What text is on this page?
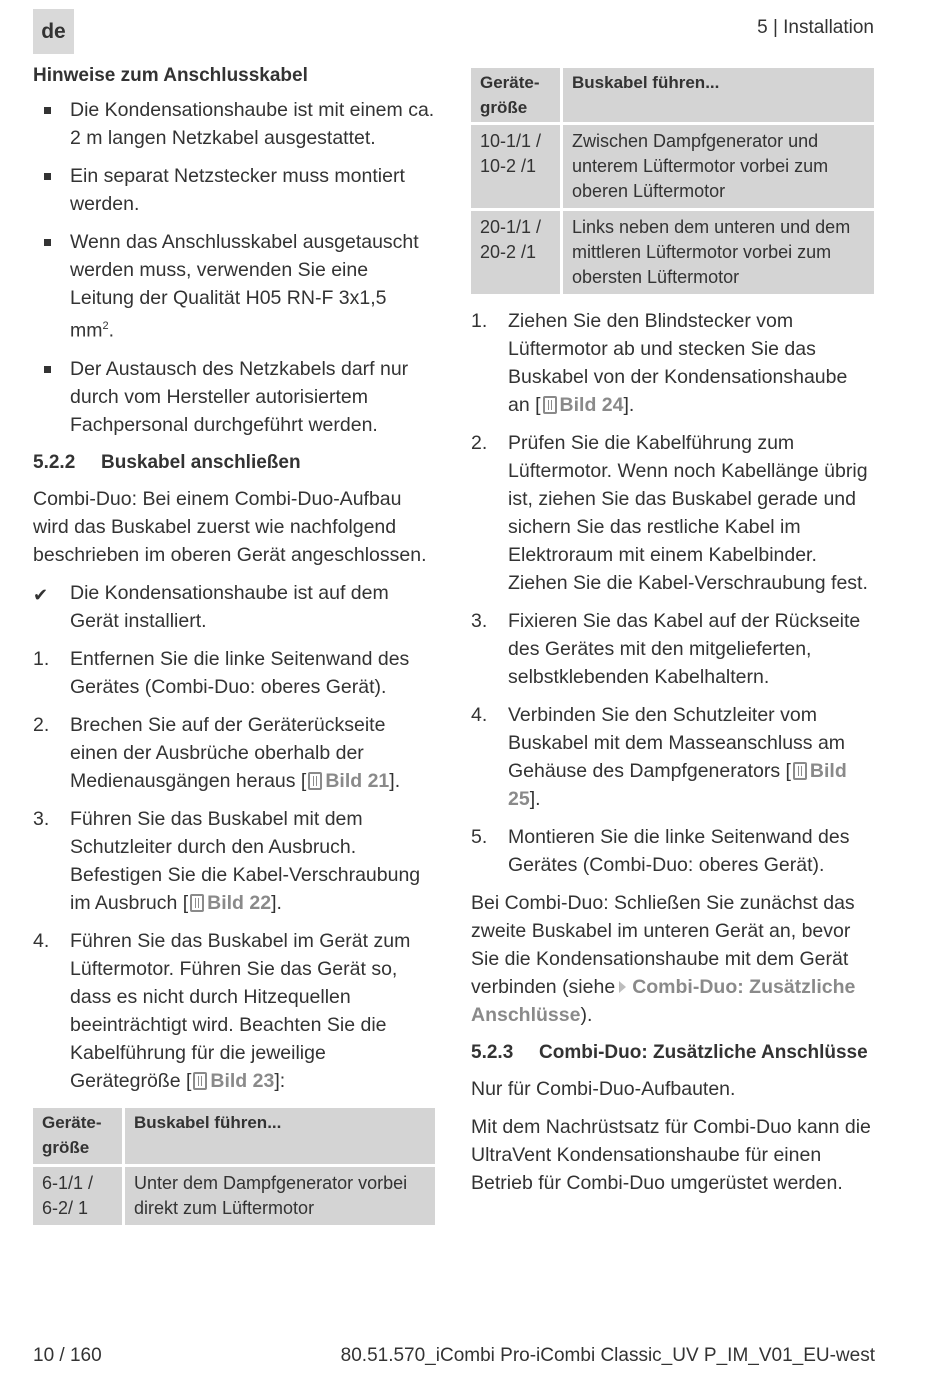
de	5 | Installation

Hinweise zum Anschlusskabel

Die Kondensationshaube ist mit einem ca. 2 m langen Netzkabel ausgestattet.
Ein separat Netzstecker muss montiert werden.
Wenn das Anschlusskabel ausgetauscht werden muss, verwenden Sie eine Leitung der Qualität H05 RN-F 3x1,5 $mm^2$.
Der Austausch des Netzkabels darf nur durch vom Hersteller autorisiertem Fachpersonal durchgeführt werden.
5.2.2	Buskabel anschließen

Combi-Duo: Bei einem Combi-Duo-Aufbau wird das Buskabel zuerst wie nachfolgend beschrieben im oberen Gerät angeschlossen.

✔ Die Kondensationshaube ist auf dem Gerät installiert.
1. Entfernen Sie die linke Seitenwand des Gerätes (Combi-Duo: oberes Gerät).
2. Brechen Sie auf der Geräterückseite einen der Ausbrüche oberhalb der Medienausgängen heraus [ Bild 21].
3. Führen Sie das Buskabel mit dem Schutzleiter durch den Ausbruch. Befestigen Sie die Kabel-Verschraubung im Ausbruch [ Bild 22].
4. Führen Sie das Buskabel im Gerät zum Lüftermotor. Führen Sie das Gerät so, dass es nicht durch Hitzequellen beeinträchtigt wird. Beachten Sie die Kabelführung für die jeweilige Gerätegröße [ Bild 23]:
Geräte-größe	Buskabel führen...
6-1/1 / 6-2/ 1	Unter dem Dampfgenerator vorbei direkt zum Lüftermotor
Geräte-größe	Buskabel führen...
10-1/1 / 10-2 /1	Zwischen Dampfgenerator und unterem Lüftermotor vorbei zum oberen Lüftermotor
20-1/1 / 20-2 /1	Links neben dem unteren und dem mittleren Lüftermotor vorbei zum obersten Lüftermotor
1. Ziehen Sie den Blindstecker vom Lüftermotor ab und stecken Sie das Buskabel von der Kondensationshaube an [ Bild 24].
2. Prüfen Sie die Kabelführung zum Lüftermotor. Wenn noch Kabellänge übrig ist, ziehen Sie das Buskabel gerade und sichern Sie das restliche Kabel im Elektroraum mit einem Kabelbinder. Ziehen Sie die Kabel-Verschraubung fest.
3. Fixieren Sie das Kabel auf der Rückseite des Gerätes mit den mitgelieferten, selbstklebenden Kabelhaltern.
4. Verbinden Sie den Schutzleiter vom Buskabel mit dem Masseanschluss am Gehäuse des Dampfgenerators [ Bild 25].
5. Montieren Sie die linke Seitenwand des Gerätes (Combi-Duo: oberes Gerät).

Bei Combi-Duo: Schließen Sie zunächst das zweite Buskabel im unteren Gerät an, bevor Sie die Kondensationshaube mit dem Gerät verbinden (siehe Combi-Duo: Zusätzliche Anschlüsse).

5.2.3	Combi-Duo: Zusätzliche Anschlüsse

Nur für Combi-Duo-Aufbauten.

Mit dem Nachrüstsatz für Combi-Duo kann die UltraVent Kondensationshaube für einen Betrieb für Combi-Duo umgerüstet werden.

10 / 160	80.51.570_iCombi Pro-iCombi Classic_UV P_IM_V01_EU-west
